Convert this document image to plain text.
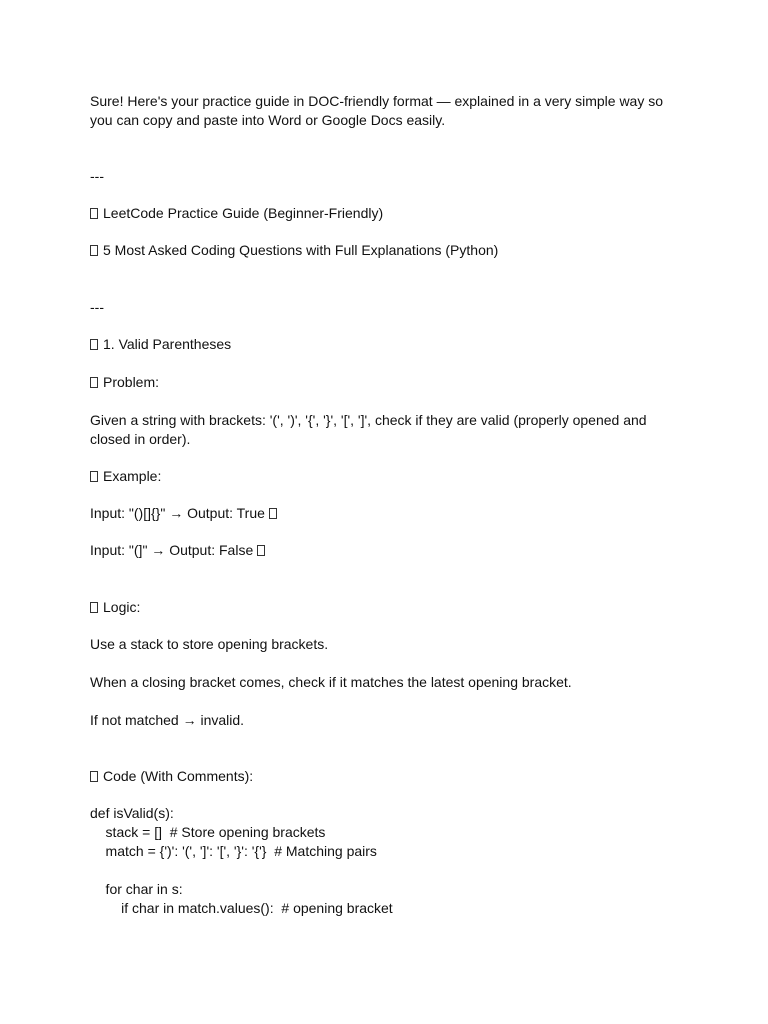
Sure! Here's your practice guide in DOC-friendly format — explained in a very simple way so

you can copy and paste into Word or Google Docs easily.

---

LeetCode Practice Guide (Beginner-Friendly)

5 Most Asked Coding Questions with Full Explanations (Python)

---

1. Valid Parentheses

Problem:

Given a string with brackets: '(', ')', '{', '}', '[', ']', check if they are valid (properly opened and

closed in order).

Example:

Input: "()[]{}" → Output: True

Input: "(]" → Output: False

Logic:

Use a stack to store opening brackets.

When a closing bracket comes, check if it matches the latest opening bracket.

If not matched → invalid.

Code (With Comments):

def isValid(s):

stack = []  # Store opening brackets

match = {')': '(', ']': '[', '}': '{'}  # Matching pairs

for char in s:

if char in match.values():  # opening bracket
